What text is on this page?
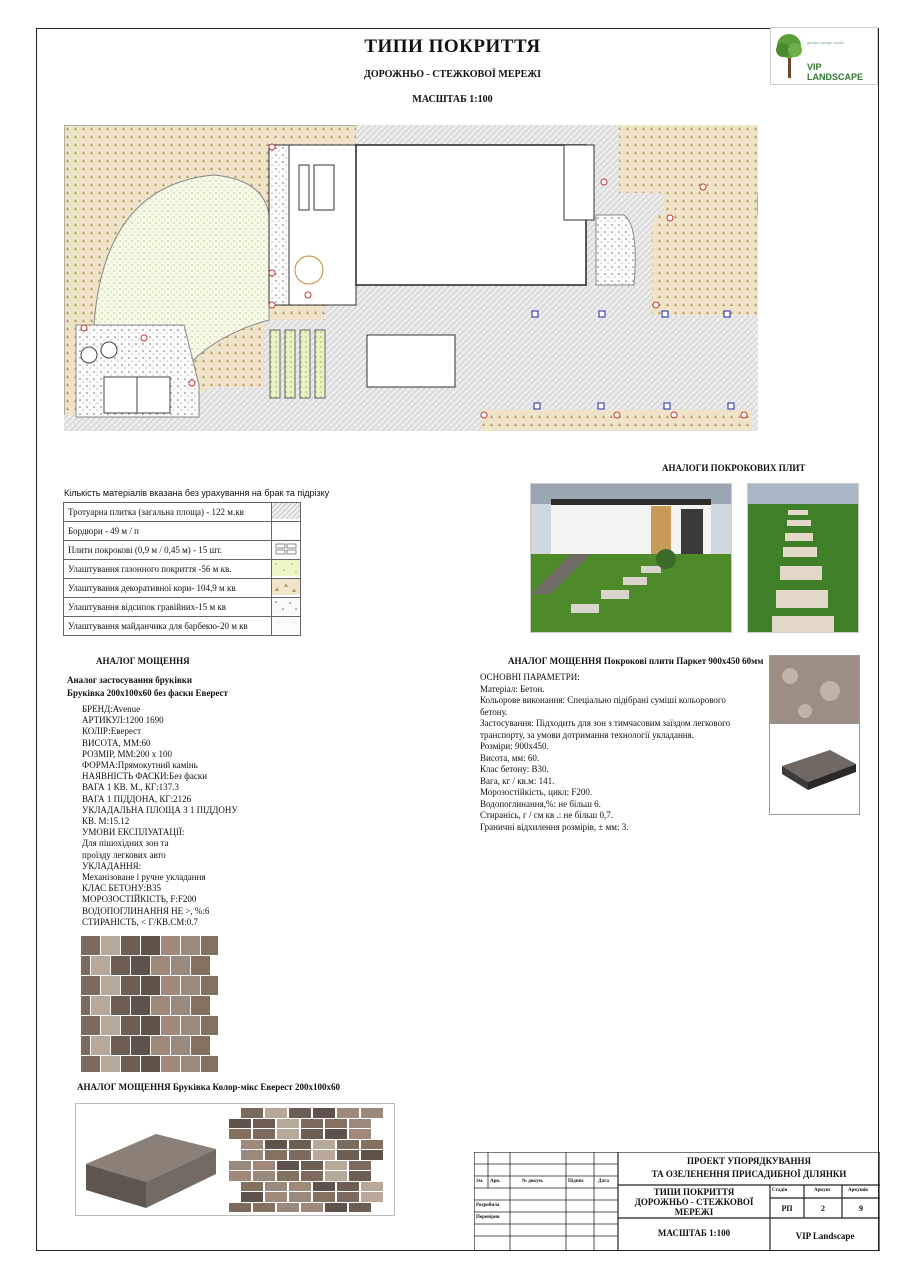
ТИПИ ПОКРИТТЯ
ДОРОЖНЬО - СТЕЖКОВОЇ МЕРЕЖІ
МАСШТАБ 1:100
garden design studio
VIP LANDSCAPE
Кількість матеріалів вказана без урахування на брак та підрізку
Тротуарна плитка (загальна площа) - 122 м.кв	
Бордюри - 49 м / п	
Плити покрокові (0,9 м / 0,45 м) - 15 шт.	
Улаштування газонного покриття -56 м кв.	
Улаштування декоративної кори- 104,9 м кв	
Улаштування відсипок гравійних-15 м кв	
Улаштування майданчика для барбекю-20 м кв	
АНАЛОГИ ПОКРОКОВИХ ПЛИТ
АНАЛОГ МОЩЕННЯ
Аналог застосування бруківки
Бруківка 200х100х60 без фаски Еверест
БРЕНД:Avenue
АРТИКУЛ:1200 1690
КОЛІР:Еверест
ВИСОТА, ММ:60
РОЗМІР, ММ:200 x 100
ФОРМА:Прямокутний камінь
НАЯВНІСТЬ ФАСКИ:Без фаски
ВАГА 1 КВ. М., КГ:137.3
ВАГА 1 ПІДДОНА, КГ:2126
УКЛАДАЛЬНА ПЛОЩА З 1 ПІДДОНУ
КВ. М:15.12
УМОВИ ЕКСПЛУАТАЦІЇ:
Для пішохідних зон та
проїзду легкових авто
УКЛАДАННЯ:
Механізоване і ручне укладання
КЛАС БЕТОНУ:В35
МОРОЗОСТІЙКІСТЬ, F:F200
ВОДОПОГЛИНАННЯ НЕ >, %:6
СТИРАНІСТЬ, < Г/КВ.СМ:0.7
АНАЛОГ МОЩЕННЯ Покрокові плити Паркет 900х450 60мм
ОСНОВНІ ПАРАМЕТРИ:
Матеріал: Бетон.
Кольорове виконання: Спеціально підібрані суміші кольорового
бетону.
Застосування: Підходить для зон з тимчасовим заїздом легкового
транспорту, за умови дотримання технології укладання.
Розміри: 900х450.
Висота, мм: 60.
Клас бетону: В30.
Вага, кг / кв.м: 141.
Морозостійкість, цикл: F200.
Водопоглинання,%: не більш 6.
Стиранісь, г / см кв .: не більш 0,7.
Граничні відхилення розмірів, ± мм: 3.
АНАЛОГ МОЩЕННЯ Бруківка Колор-мікс Еверест 200х100х60
Зм. Арк.	№ докум.	Підпис	Дата
Розробила
Перевірив
ПРОЕКТ УПОРЯДКУВАННЯ
ТА ОЗЕЛЕНЕННЯ ПРИСАДИБНОЇ ДІЛЯНКИ
ТИПИ ПОКРИТТЯ
ДОРОЖНЬО - СТЕЖКОВОЇ
МЕРЕЖІ
МАСШТАБ 1:100	VIP Landscape
Стадія	Аркуш	Аркушів
РП	2	9
